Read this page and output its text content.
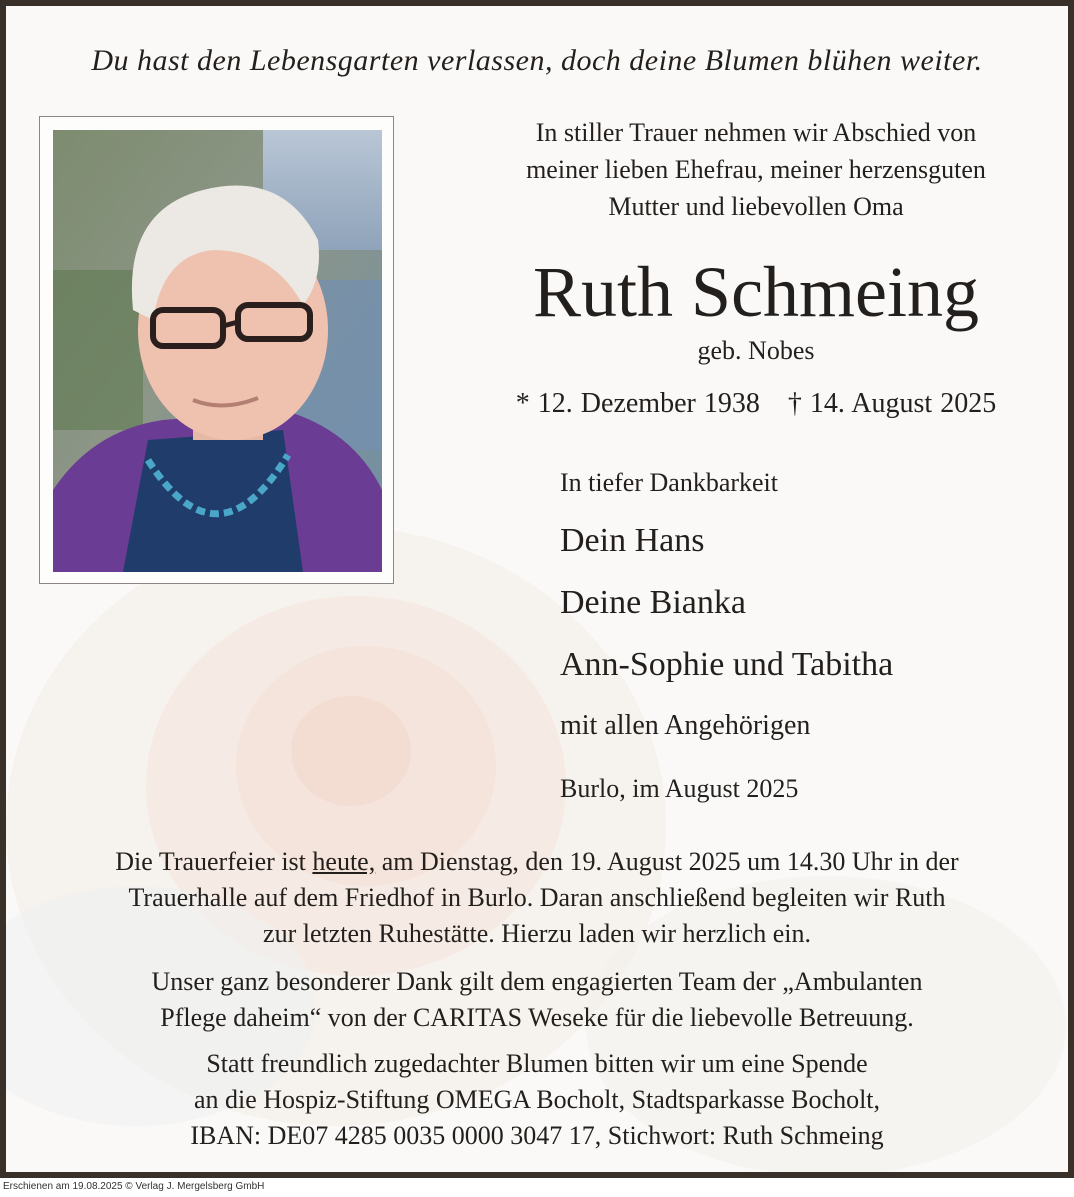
Du hast den Lebensgarten verlassen, doch deine Blumen blühen weiter.
In stiller Trauer nehmen wir Abschied von
meiner lieben Ehefrau, meiner herzensguten
Mutter und liebevollen Oma
Ruth Schmeing
geb. Nobes
* 12. Dezember 1938 † 14. August 2025
In tiefer Dankbarkeit
Dein Hans
Deine Bianka
Ann-Sophie und Tabitha
mit allen Angehörigen
Burlo, im August 2025
Die Trauerfeier ist heute, am Dienstag, den 19. August 2025 um 14.30 Uhr in der
Trauerhalle auf dem Friedhof in Burlo. Daran anschließend begleiten wir Ruth
zur letzten Ruhestätte. Hierzu laden wir herzlich ein.
Unser ganz besonderer Dank gilt dem engagierten Team der „Ambulanten
Pflege daheim“ von der CARITAS Weseke für die liebevolle Betreuung.
Statt freundlich zugedachter Blumen bitten wir um eine Spende
an die Hospiz-Stiftung OMEGA Bocholt, Stadtsparkasse Bocholt,
IBAN: DE07 4285 0035 0000 3047 17, Stichwort: Ruth Schmeing
Erschienen am 19.08.2025 © Verlag J. Mergelsberg GmbH
